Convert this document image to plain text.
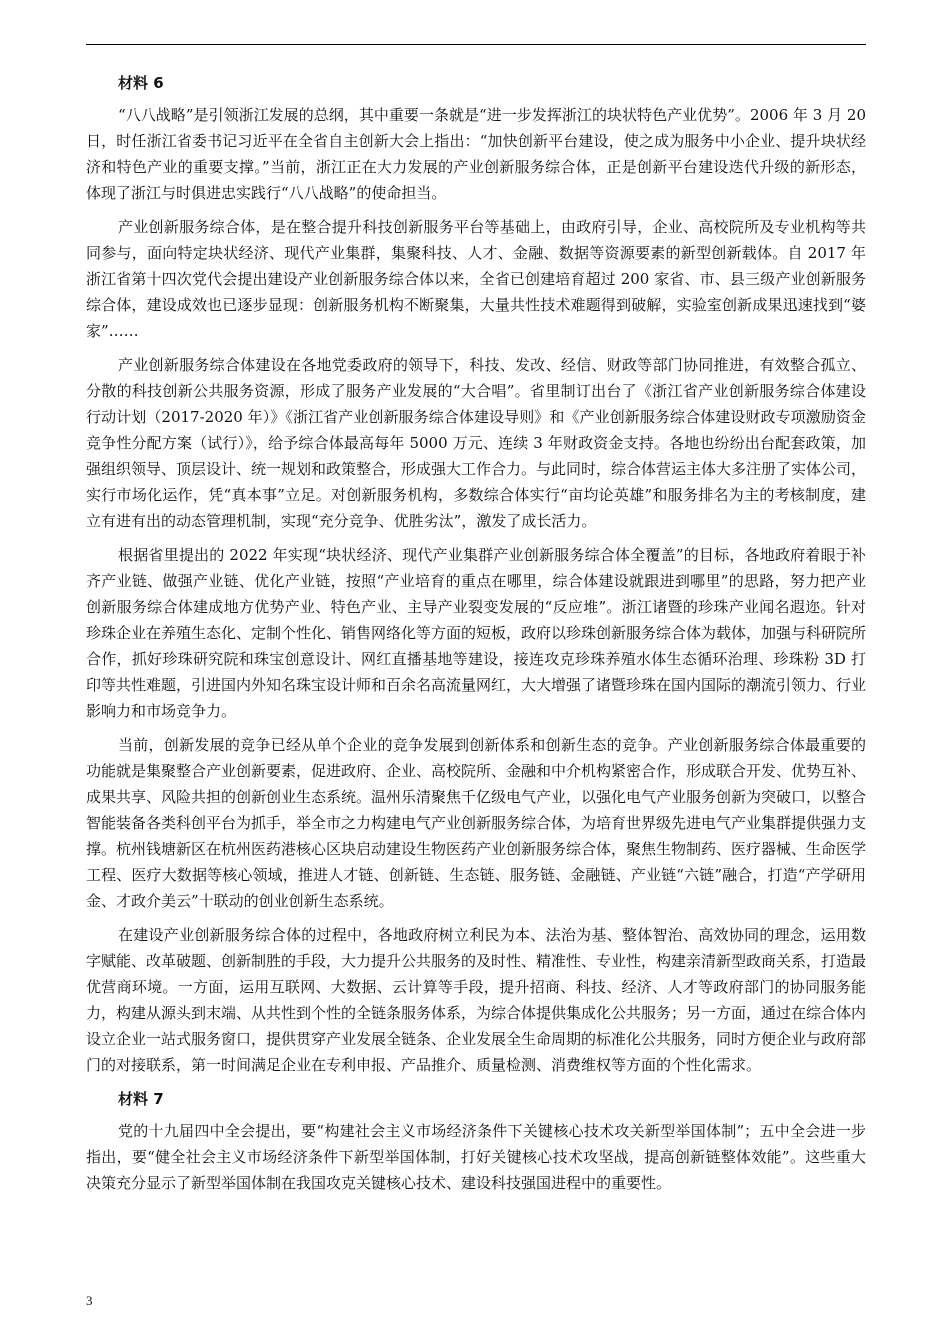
材料 6

“八八战略”是引领浙江发展的总纲，其中重要一条就是“进一步发挥浙江的块状特色产业优势”。2006 年 3 月 20 日，时任浙江省委书记习近平在全省自主创新大会上指出：“加快创新平台建设，使之成为服务中小企业、提升块状经济和特色产业的重要支撑。”当前，浙江正在大力发展的产业创新服务综合体，正是创新平台建设迭代升级的新形态，体现了浙江与时俱进忠实践行“八八战略”的使命担当。

产业创新服务综合体，是在整合提升科技创新服务平台等基础上，由政府引导，企业、高校院所及专业机构等共同参与，面向特定块状经济、现代产业集群，集聚科技、人才、金融、数据等资源要素的新型创新载体。自 2017 年浙江省第十四次党代会提出建设产业创新服务综合体以来，全省已创建培育超过 200 家省、市、县三级产业创新服务综合体，建设成效也已逐步显现：创新服务机构不断聚集，大量共性技术难题得到破解，实验室创新成果迅速找到“婆家”……

产业创新服务综合体建设在各地党委政府的领导下，科技、发改、经信、财政等部门协同推进，有效整合孤立、分散的科技创新公共服务资源，形成了服务产业发展的“大合唱”。省里制订出台了《浙江省产业创新服务综合体建设行动计划（2017-2020 年）》《浙江省产业创新服务综合体建设导则》和《产业创新服务综合体建设财政专项激励资金竞争性分配方案（试行）》，给予综合体最高每年 5000 万元、连续 3 年财政资金支持。各地也纷纷出台配套政策，加强组织领导、顶层设计、统一规划和政策整合，形成强大工作合力。与此同时，综合体营运主体大多注册了实体公司，实行市场化运作，凭“真本事”立足。对创新服务机构，多数综合体实行“亩均论英雄”和服务排名为主的考核制度，建立有进有出的动态管理机制，实现“充分竞争、优胜劣汰”，激发了成长活力。

根据省里提出的 2022 年实现“块状经济、现代产业集群产业创新服务综合体全覆盖”的目标，各地政府着眼于补齐产业链、做强产业链、优化产业链，按照“产业培育的重点在哪里，综合体建设就跟进到哪里”的思路，努力把产业创新服务综合体建成地方优势产业、特色产业、主导产业裂变发展的“反应堆”。浙江诸暨的珍珠产业闻名遐迩。针对珍珠企业在养殖生态化、定制个性化、销售网络化等方面的短板，政府以珍珠创新服务综合体为载体，加强与科研院所合作，抓好珍珠研究院和珠宝创意设计、网红直播基地等建设，接连攻克珍珠养殖水体生态循环治理、珍珠粉 3D 打印等共性难题，引进国内外知名珠宝设计师和百余名高流量网红，大大增强了诸暨珍珠在国内国际的潮流引领力、行业影响力和市场竞争力。

当前，创新发展的竞争已经从单个企业的竞争发展到创新体系和创新生态的竞争。产业创新服务综合体最重要的功能就是集聚整合产业创新要素，促进政府、企业、高校院所、金融和中介机构紧密合作，形成联合开发、优势互补、成果共享、风险共担的创新创业生态系统。温州乐清聚焦千亿级电气产业，以强化电气产业服务创新为突破口，以整合智能装备各类科创平台为抓手，举全市之力构建电气产业创新服务综合体，为培育世界级先进电气产业集群提供强力支撑。杭州钱塘新区在杭州医药港核心区块启动建设生物医药产业创新服务综合体，聚焦生物制药、医疗器械、生命医学工程、医疗大数据等核心领域，推进人才链、创新链、生态链、服务链、金融链、产业链“六链”融合，打造“产学研用金、才政介美云”十联动的创业创新生态系统。

在建设产业创新服务综合体的过程中，各地政府树立利民为本、法治为基、整体智治、高效协同的理念，运用数字赋能、改革破题、创新制胜的手段，大力提升公共服务的及时性、精准性、专业性，构建亲清新型政商关系，打造最优营商环境。一方面，运用互联网、大数据、云计算等手段，提升招商、科技、经济、人才等政府部门的协同服务能力，构建从源头到末端、从共性到个性的全链条服务体系，为综合体提供集成化公共服务；另一方面，通过在综合体内设立企业一站式服务窗口，提供贯穿产业发展全链条、企业发展全生命周期的标准化公共服务，同时方便企业与政府部门的对接联系，第一时间满足企业在专利申报、产品推介、质量检测、消费维权等方面的个性化需求。

材料 7

党的十九届四中全会提出，要“构建社会主义市场经济条件下关键核心技术攻关新型举国体制”；五中全会进一步指出，要“健全社会主义市场经济条件下新型举国体制，打好关键核心技术攻坚战，提高创新链整体效能”。这些重大决策充分显示了新型举国体制在我国攻克关键核心技术、建设科技强国进程中的重要性。

3
